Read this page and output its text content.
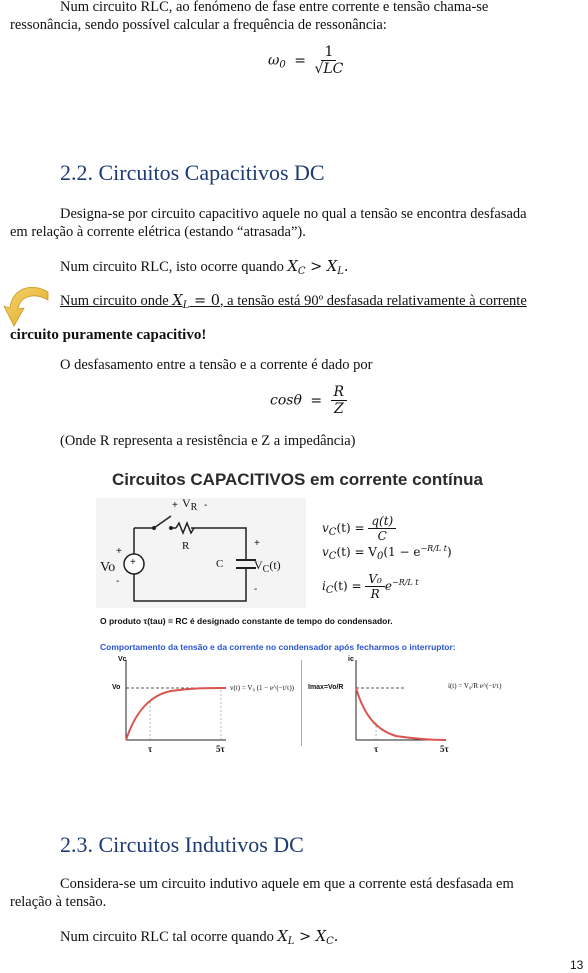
Num circuito RLC, ao fenómeno de fase entre corrente e tensão chama-se
ressonância, sendo possível calcular a frequência de ressonância:
$\omega_0 = \frac{1}{√LC}$
2.2. Circuitos Capacitivos DC
Designa-se por circuito capacitivo aquele no qual a tensão se encontra desfasada
em relação à corrente elétrica (estando “atrasada”).
Num circuito RLC, isto ocorre quando $X_C > X_L$.
Num circuito onde $X_L = 0$, a tensão está 90º desfasada relativamente à corrente
circuito puramente capacitivo!
O desfasamento entre a tensão e a corrente é dado por
$\cos\theta = \frac{R}{Z}$
(Onde R representa a resistência e Z a impedância)
Circuitos CAPACITIVOS em corrente contínua
+ $V_R$ -
R
Vo
+
+
-
C
+
$V_C(t)$
-
$v_C(t) = \frac{q(t)}{C}$
$v_C(t) = V_0(1 - e^{-R/L t})$
$i_C(t) = \frac{\text{V₀}}{R} e^{-R/L t}$
O produto τ(tau) = RC é designado constante de tempo do condensador.
Comportamento da tensão e da corrente no condensador após fecharmos o interruptor:
Vc
Vo	v(t) = V₀ (1 − e^(−t/τ))
τ	5τ
ic
Imax=Vo/R	i(t) = V₀/R e^(−t/τ)
τ	5τ
2.3. Circuitos Indutivos DC
Considera-se um circuito indutivo aquele em que a corrente está desfasada em
relação à tensão.
Num circuito RLC tal ocorre quando $X_L > X_C$.
13
